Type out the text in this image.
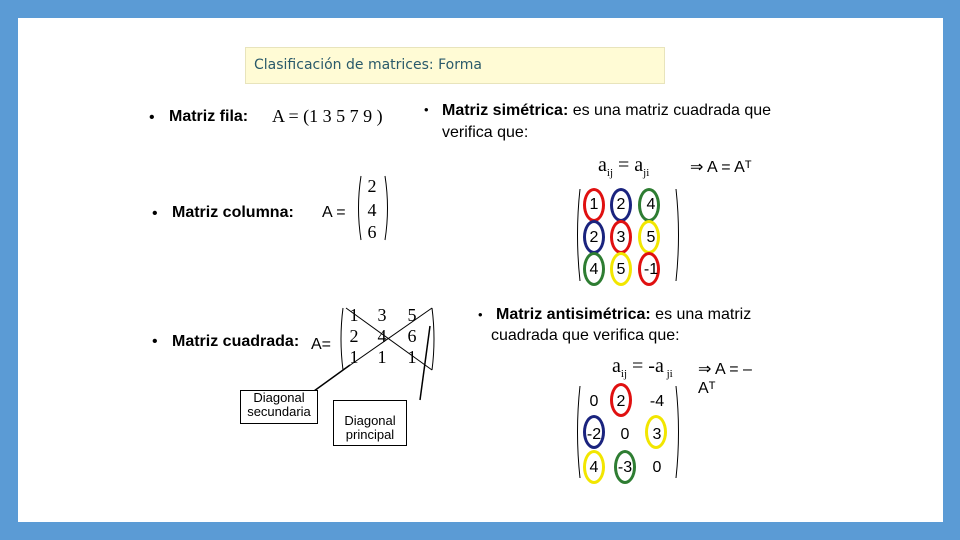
Clasificación de matrices: Forma
• Matriz fila: A = (1 3 5 7 9 )	• Matriz simétrica: es una matriz cuadrada que
verifica que:
$a_{ij} = a_{ji}$	⇒ A = Aᵀ
• Matriz columna: A =
2
4
6
1	2	4
2	3	5
4	5	-1
• Matriz cuadrada: A=
1	3	5
2	4	6
1	1	1
Diagonal
secundaria
Diagonal
principal
• Matriz antisimétrica: es una matriz
cuadrada que verifica que:
$a_{ij} = -a$ $_{ji}$ ⇒ A = –
Aᵀ
0	2	-4
-2	0	3
4	-3	0
